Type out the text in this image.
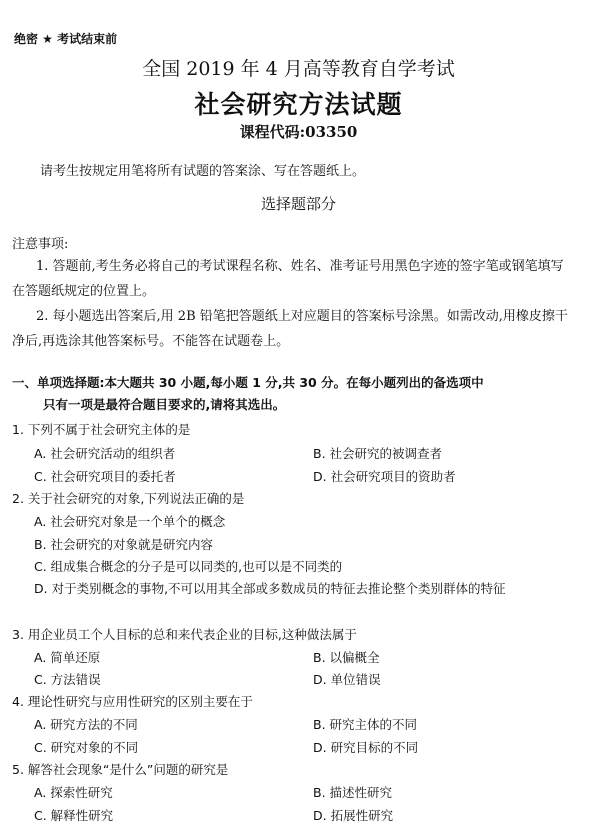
绝密 ★ 考试结束前
全国 2019 年 4 月高等教育自学考试
社会研究方法试题
课程代码:03350
请考生按规定用笔将所有试题的答案涂、写在答题纸上。
选择题部分
注意事项:
1. 答题前,考生务必将自己的考试课程名称、姓名、准考证号用黑色字迹的签字笔或钢笔填写在答题纸规定的位置上。
2. 每小题选出答案后,用 2B 铅笔把答题纸上对应题目的答案标号涂黑。如需改动,用橡皮擦干净后,再选涂其他答案标号。不能答在试题卷上。
一、单项选择题:本大题共 30 小题,每小题 1 分,共 30 分。在每小题列出的备选项中
只有一项是最符合题目要求的,请将其选出。
1. 下列不属于社会研究主体的是
A. 社会研究活动的组织者	B. 社会研究的被调查者
C. 社会研究项目的委托者	D. 社会研究项目的资助者
2. 关于社会研究的对象,下列说法正确的是
A. 社会研究对象是一个单个的概念
B. 社会研究的对象就是研究内容
C. 组成集合概念的分子是可以同类的,也可以是不同类的
D. 对于类别概念的事物,不可以用其全部或多数成员的特征去推论整个类别群体的特征
3. 用企业员工个人目标的总和来代表企业的目标,这种做法属于
A. 简单还原	B. 以偏概全
C. 方法错误	D. 单位错误
4. 理论性研究与应用性研究的区别主要在于
A. 研究方法的不同	B. 研究主体的不同
C. 研究对象的不同	D. 研究目标的不同
5. 解答社会现象“是什么”问题的研究是
A. 探索性研究	B. 描述性研究
C. 解释性研究	D. 拓展性研究
